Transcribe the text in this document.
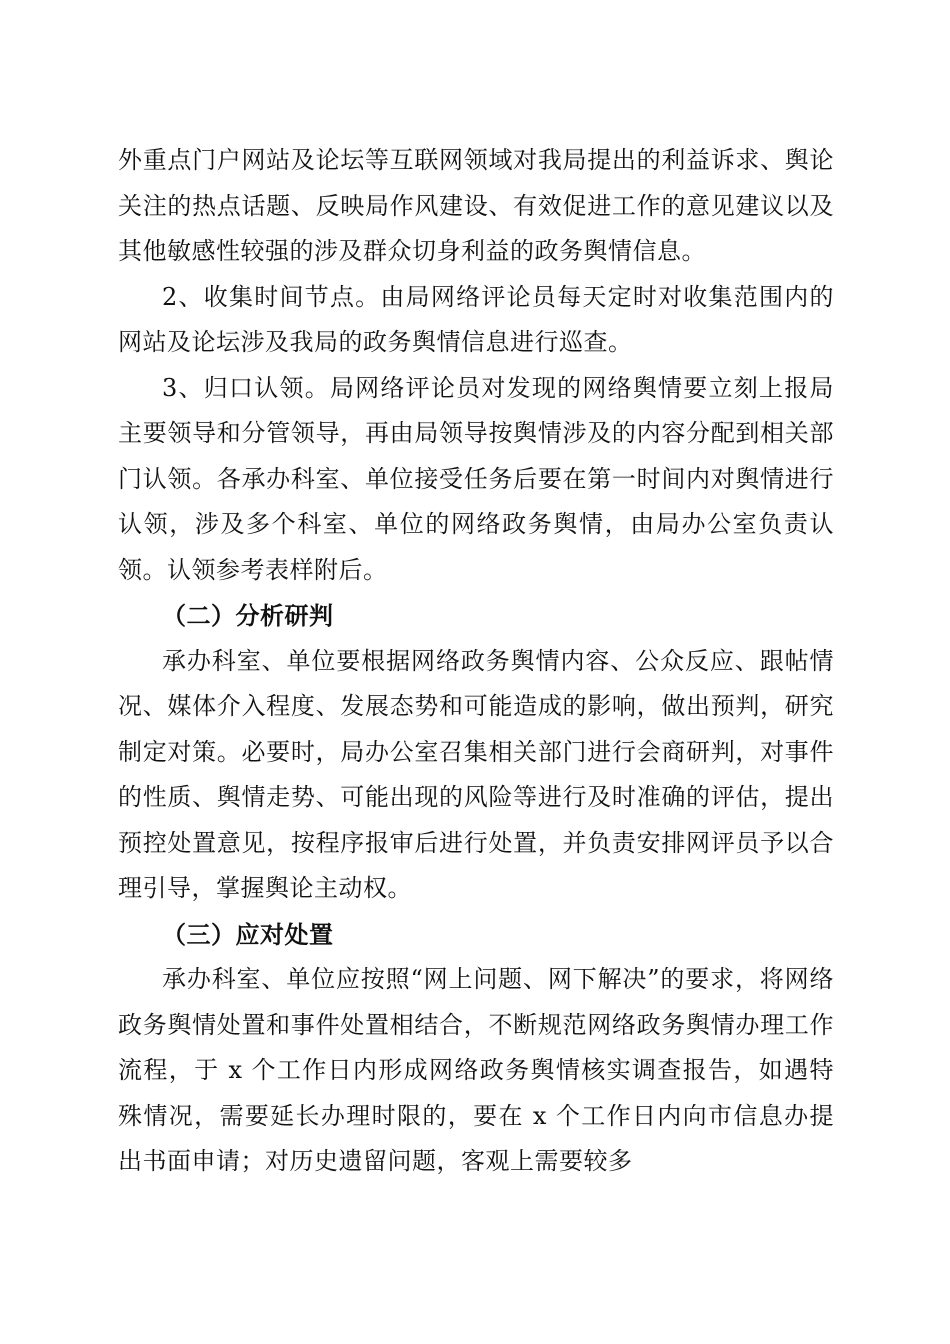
外重点门户网站及论坛等互联网领域对我局提出的利益诉求、舆论关注的热点话题、反映局作风建设、有效促进工作的意见建议以及其他敏感性较强的涉及群众切身利益的政务舆情信息。

2、收集时间节点。由局网络评论员每天定时对收集范围内的网站及论坛涉及我局的政务舆情信息进行巡查。

3、归口认领。局网络评论员对发现的网络舆情要立刻上报局主要领导和分管领导，再由局领导按舆情涉及的内容分配到相关部门认领。各承办科室、单位接受任务后要在第一时间内对舆情进行认领，涉及多个科室、单位的网络政务舆情，由局办公室负责认领。认领参考表样附后。

（二）分析研判

承办科室、单位要根据网络政务舆情内容、公众反应、跟帖情况、媒体介入程度、发展态势和可能造成的影响，做出预判，研究制定对策。必要时，局办公室召集相关部门进行会商研判，对事件的性质、舆情走势、可能出现的风险等进行及时准确的评估，提出预控处置意见，按程序报审后进行处置，并负责安排网评员予以合理引导，掌握舆论主动权。

（三）应对处置

承办科室、单位应按照“网上问题、网下解决”的要求，将网络政务舆情处置和事件处置相结合，不断规范网络政务舆情办理工作流程，于 x 个工作日内形成网络政务舆情核实调查报告，如遇特殊情况，需要延长办理时限的，要在 x 个工作日内向市信息办提出书面申请；对历史遗留问题，客观上需要较多
